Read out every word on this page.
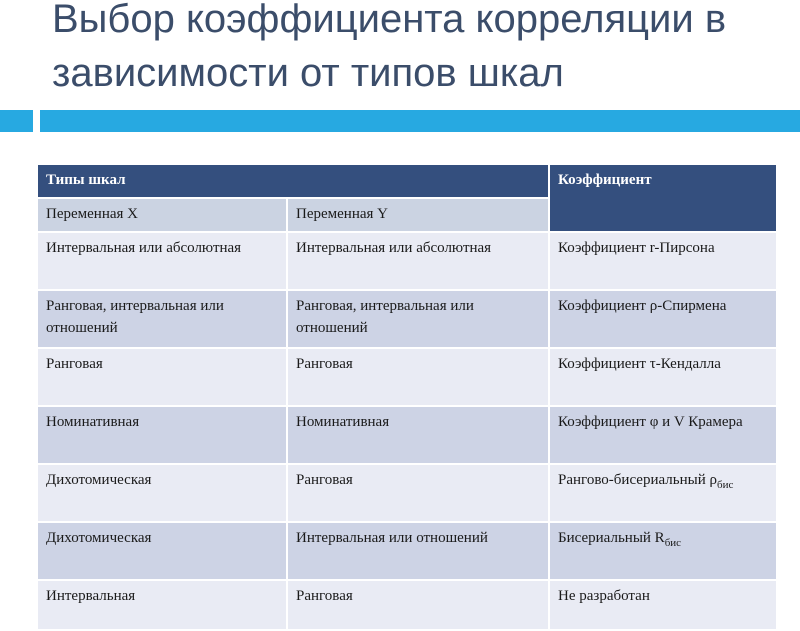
Выбор коэффициента корреляции в зависимости от типов шкал
Типы шкал		Коэффициент
Переменная X	Переменная Y	
Интервальная или абсолютная	Интервальная или абсолютная	Коэффициент r-Пирсона
Ранговая, интервальная или отношений	Ранговая, интервальная или отношений	Коэффициент ρ-Спирмена
Ранговая	Ранговая	Коэффициент τ-Кендалла
Номинативная	Номинативная	Коэффициент φ и V Крамера
Дихотомическая	Ранговая	Рангово-бисериальный $\rho_{бис}$
Дихотомическая	Интервальная или отношений	Бисериальный $R_{бис}$
Интервальная	Ранговая	Не разработан
